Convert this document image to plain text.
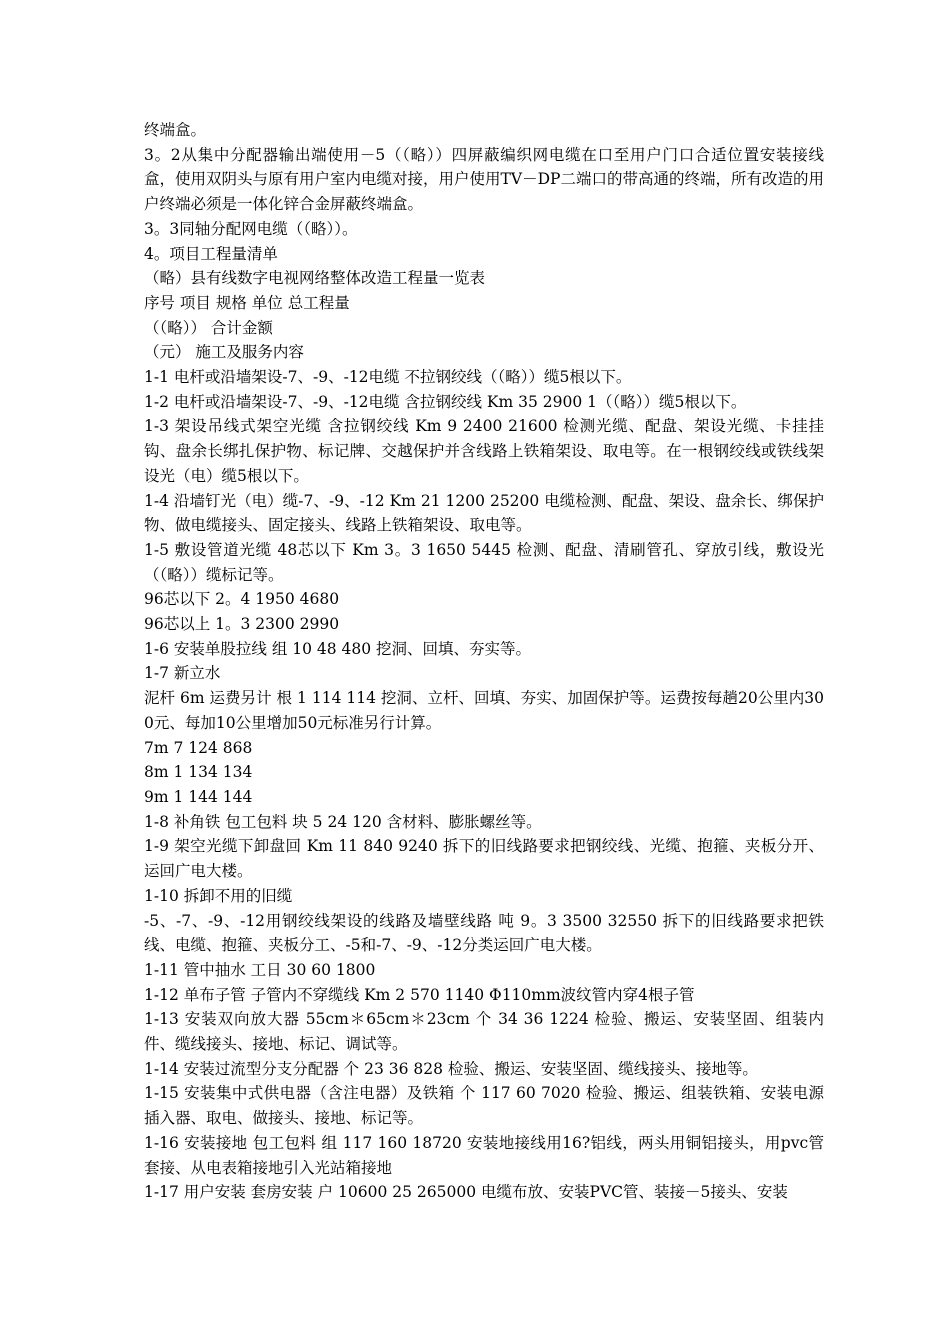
终端盒。

3。2从集中分配器输出端使用－5（（略））四屏蔽编织网电缆在口至用户门口合适位置安装接线盒，使用双阴头与原有用户室内电缆对接，用户使用TV－DP二端口的带高通的终端，所有改造的用户终端必须是一体化锌合金屏蔽终端盒。

3。3同轴分配网电缆（（略））。

4。项目工程量清单

（略）县有线数字电视网络整体改造工程量一览表

序号 项目 规格 单位 总工程量

（（略）） 合计金额

（元） 施工及服务内容

1-1 电杆或沿墙架设-7、-9、-12电缆 不拉钢绞线（（略））缆5根以下。

1-2 电杆或沿墙架设-7、-9、-12电缆 含拉钢绞线 Km 35 2900 1（（略））缆5根以下。

1-3 架设吊线式架空光缆 含拉钢绞线 Km 9 2400 21600 检测光缆、配盘、架设光缆、卡挂挂钩、盘余长绑扎保护物、标记牌、交越保护并含线路上铁箱架设、取电等。在一根钢绞线或铁线架设光（电）缆5根以下。

1-4 沿墙钉光（电）缆-7、-9、-12 Km 21 1200 25200 电缆检测、配盘、架设、盘余长、绑保护物、做电缆接头、固定接头、线路上铁箱架设、取电等。

1-5 敷设管道光缆 48芯以下 Km 3。3 1650 5445 检测、配盘、清刷管孔、穿放引线，敷设光（（略））缆标记等。

96芯以下 2。4 1950 4680

96芯以上 1。3 2300 2990

1-6 安装单股拉线 组 10 48 480 挖洞、回填、夯实等。

1-7 新立水

泥杆 6m 运费另计 根 1 114 114 挖洞、立杆、回填、夯实、加固保护等。运费按每趟20公里内300元、每加10公里增加50元标准另行计算。

7m 7 124 868

8m 1 134 134

9m 1 144 144

1-8 补角铁 包工包料 块 5 24 120 含材料、膨胀螺丝等。

1-9 架空光缆下卸盘回 Km 11 840 9240 拆下的旧线路要求把钢绞线、光缆、抱箍、夹板分开、运回广电大楼。

1-10 拆卸不用的旧缆

-5、-7、-9、-12用钢绞线架设的线路及墙壁线路 吨 9。3 3500 32550 拆下的旧线路要求把铁线、电缆、抱箍、夹板分工、-5和-7、-9、-12分类运回广电大楼。

1-11 管中抽水 工日 30 60 1800

1-12 单布子管 子管内不穿缆线 Km 2 570 1140 Φ110mm波纹管内穿4根子管

1-13 安装双向放大器 55cm＊65cm＊23cm 个 34 36 1224 检验、搬运、安装坚固、组装内件、缆线接头、接地、标记、调试等。

1-14 安装过流型分支分配器 个 23 36 828 检验、搬运、安装坚固、缆线接头、接地等。

1-15 安装集中式供电器（含注电器）及铁箱 个 117 60 7020 检验、搬运、组装铁箱、安装电源插入器、取电、做接头、接地、标记等。

1-16 安装接地 包工包料 组 117 160 18720 安装地接线用16?铝线，两头用铜铝接头，用pvc管套接、从电表箱接地引入光站箱接地

1-17 用户安装 套房安装 户 10600 25 265000 电缆布放、安装PVC管、装接－5接头、安装
